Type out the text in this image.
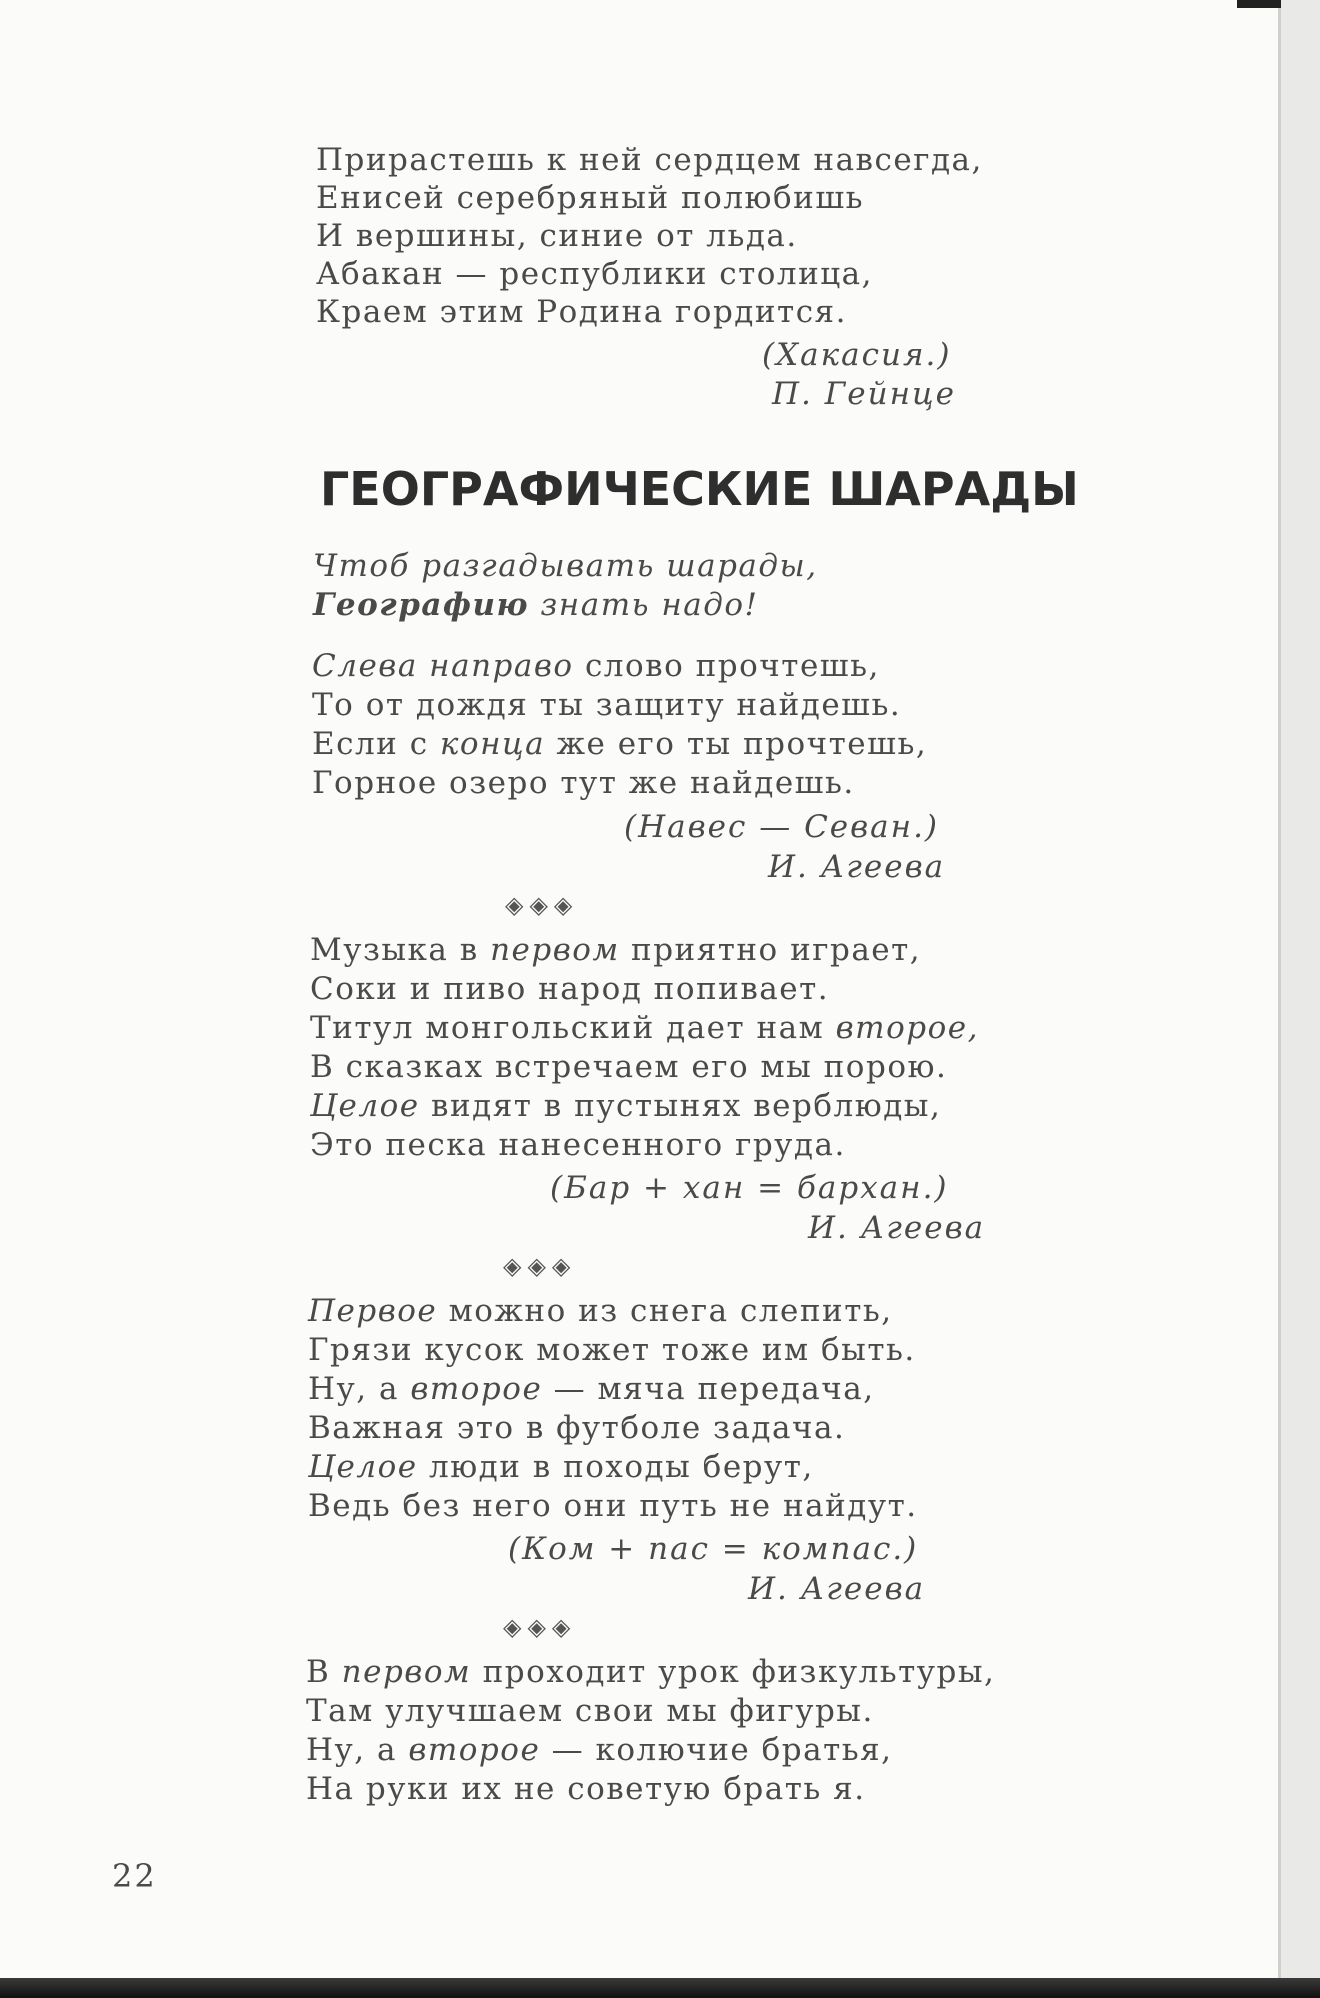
Прирастешь к ней сердцем навсегда,
Енисей серебряный полюбишь
И вершины, синие от льда.
Абакан — республики столица,
Краем этим Родина гордится.
(Хакасия.)
П. Гейнце
ГЕОГРАФИЧЕСКИЕ ШАРАДЫ
Чтоб разгадывать шарады,
Географию знать надо!
Слева направо слово прочтешь,
То от дождя ты защиту найдешь.
Если с конца же его ты прочтешь,
Горное озеро тут же найдешь.
(Навес — Севан.)
И. Агеева
◈◈◈
Музыка в первом приятно играет,
Соки и пиво народ попивает.
Титул монгольский дает нам второе,
В сказках встречаем его мы порою.
Целое видят в пустынях верблюды,
Это песка нанесенного груда.
(Бар + хан = бархан.)
И. Агеева
◈◈◈
Первое можно из снега слепить,
Грязи кусок может тоже им быть.
Ну, а второе — мяча передача,
Важная это в футболе задача.
Целое люди в походы берут,
Ведь без него они путь не найдут.
(Ком + пас = компас.)
И. Агеева
◈◈◈
В первом проходит урок физкультуры,
Там улучшаем свои мы фигуры.
Ну, а второе — колючие братья,
На руки их не советую брать я.
22
